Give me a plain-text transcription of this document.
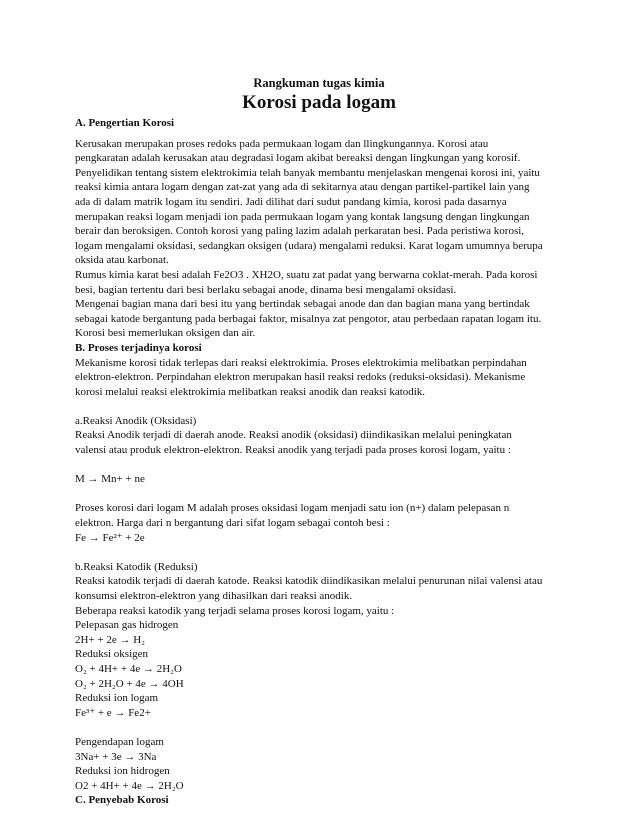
Rangkuman tugas kimia
Korosi pada logam

A. Pengertian Korosi

Kerusakan merupakan proses redoks pada permukaan logam dan llingkungannya. Korosi atau

pengkaratan adalah kerusakan atau degradasi logam akibat bereaksi dengan lingkungan yang korosif.

Penyelidikan tentang sistem elektrokimia telah banyak membantu menjelaskan mengenai korosi ini, yaitu

reaksi kimia antara logam dengan zat-zat yang ada di sekitarnya atau dengan partikel-partikel lain yang

ada di dalam matrik logam itu sendiri. Jadi dilihat dari sudut pandang kimia, korosi pada dasarnya

merupakan reaksi logam menjadi ion pada permukaan logam yang kontak langsung dengan lingkungan

berair dan beroksigen. Contoh korosi yang paling lazim adalah perkaratan besi. Pada peristiwa korosi,

logam mengalami oksidasi, sedangkan oksigen (udara) mengalami reduksi. Karat logam umumnya berupa

oksida atau karbonat.

Rumus kimia karat besi adalah Fe2O3 . XH2O, suatu zat padat yang berwarna coklat-merah. Pada korosi

besi, bagian tertentu dari besi berlaku sebagai anode, dinama besi mengalami oksidasi.

Mengenai bagian mana dari besi itu yang bertindak sebagai anode dan dan bagian mana yang bertindak

sebagai katode bergantung pada berbagai faktor, misalnya zat pengotor, atau perbedaan rapatan logam itu.

Korosi besi memerlukan oksigen dan air.

B. Proses terjadinya korosi

Mekanisme korosi tidak terlepas dari reaksi elektrokimia. Proses elektrokimia melibatkan perpindahan

elektron-elektron. Perpindahan elektron merupakan hasil reaksi redoks (reduksi-oksidasi). Mekanisme

korosi melalui reaksi elektrokimia melibatkan reaksi anodik dan reaksi katodik.

a.Reaksi Anodik (Oksidasi)

Reaksi Anodik terjadi di daerah anode. Reaksi anodik (oksidasi) diindikasikan melalui peningkatan

valensi atau produk elektron-elektron. Reaksi anodik yang terjadi pada proses korosi logam, yaitu :

M → Mn+ + ne

Proses korosi dari logam M adalah proses oksidasi logam menjadi satu ion (n+) dalam pelepasan n

elektron. Harga dari n bergantung dari sifat logam sebagai contoh besi :

Fe → Fe²⁺ + 2e

b.Reaksi Katodik (Reduksi)

Reaksi katodik terjadi di daerah katode. Reaksi katodik diindikasikan melalui penurunan nilai valensi atau

konsumsi elektron-elektron yang dihasilkan dari reaksi anodik.

Beberapa reaksi katodik yang terjadi selama proses korosi logam, yaitu :

Pelepasan gas hidrogen

2H+ + 2e → H₂

Reduksi oksigen

O₂ + 4H+ + 4e → 2H₂O

O₂ + 2H₂O + 4e → 4OH

Reduksi ion logam

Fe³⁺ + e → Fe2+

Pengendapan logam

3Na+ + 3e → 3Na

Reduksi ion hidrogen

O2 + 4H+ + 4e → 2H₂O

C. Penyebab Korosi
